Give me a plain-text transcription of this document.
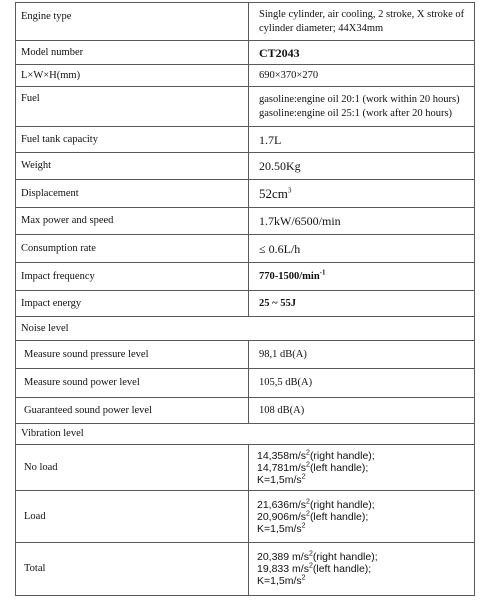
Engine type	Single cylinder, air cooling, 2 stroke, X stroke of cylinder diameter; 44X34mm
Model number	CT2043
L×W×H(mm)	690×370×270
Fuel	gasoline:engine oil 20:1 (work within 20 hours)
gasoline:engine oil 25:1 (work after 20 hours)

Fuel tank capacity	1.7L
Weight	20.50Kg
Displacement	$52cm^3$
Max power and speed	1.7kW/6500/min
Consumption rate	≤ 0.6L/h
Impact frequency	$770-1500/\min^{-1}$
Impact energy	25 ~ 55J
Noise level	
Measure sound pressure level	98,1 dB(A)
Measure sound power level	105,5 dB(A)
Guaranteed sound power level	108 dB(A)
Vibration level	
No load	$14,358m/s^2(right$ handle);
$14,781m/s^2(left$ handle);
$K=1,5m/s^2$

Load	$21,636m/s^2(right$ handle);
$20,906m/s^2(left$ handle);
$K=1,5m/s^2$

Total	20,389 $m/s^2(right$ handle);
19,833 $m/s^2(left$ handle);
$K=1,5m/s^2$
